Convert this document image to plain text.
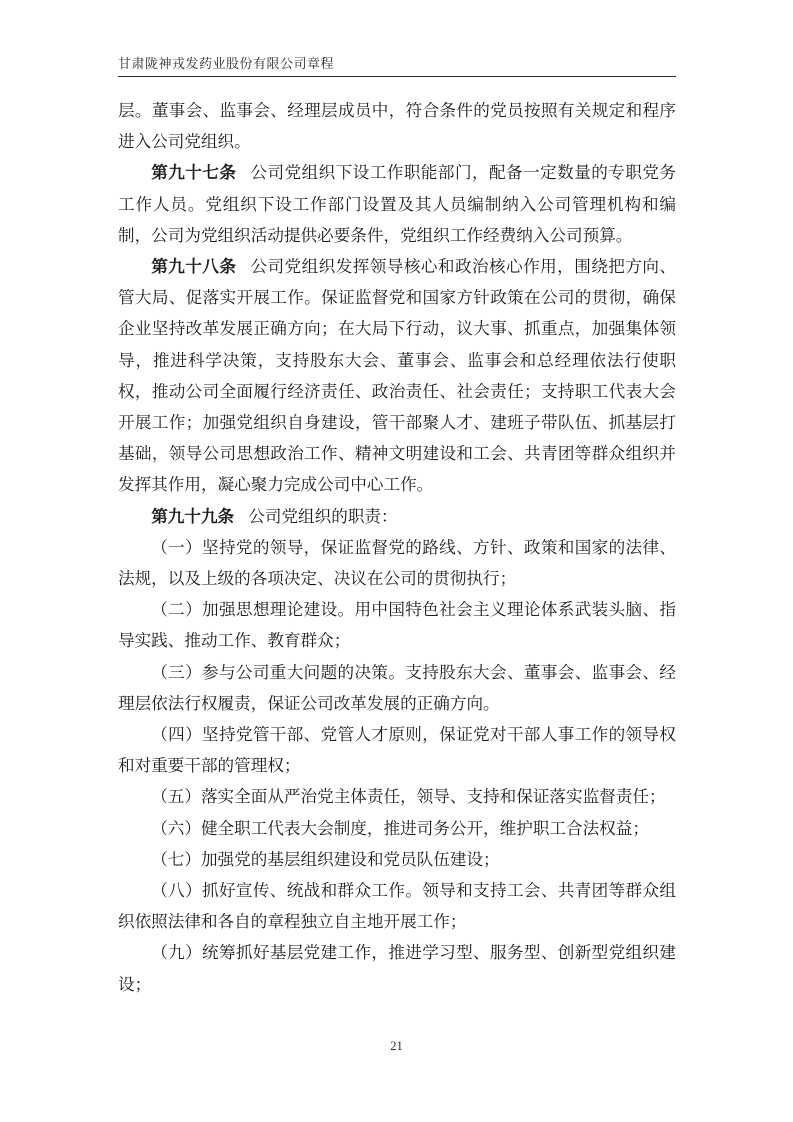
甘肃陇神戎发药业股份有限公司章程

层。董事会、监事会、经理层成员中，符合条件的党员按照有关规定和程序进入公司党组织。

第九十七条 公司党组织下设工作职能部门，配备一定数量的专职党务工作人员。党组织下设工作部门设置及其人员编制纳入公司管理机构和编制，公司为党组织活动提供必要条件，党组织工作经费纳入公司预算。

第九十八条 公司党组织发挥领导核心和政治核心作用，围绕把方向、管大局、促落实开展工作。保证监督党和国家方针政策在公司的贯彻，确保企业坚持改革发展正确方向；在大局下行动，议大事、抓重点，加强集体领导，推进科学决策，支持股东大会、董事会、监事会和总经理依法行使职权，推动公司全面履行经济责任、政治责任、社会责任；支持职工代表大会开展工作；加强党组织自身建设，管干部聚人才、建班子带队伍、抓基层打基础，领导公司思想政治工作、精神文明建设和工会、共青团等群众组织并发挥其作用，凝心聚力完成公司中心工作。

第九十九条 公司党组织的职责：

（一）坚持党的领导，保证监督党的路线、方针、政策和国家的法律、法规，以及上级的各项决定、决议在公司的贯彻执行；

（二）加强思想理论建设。用中国特色社会主义理论体系武装头脑、指导实践、推动工作、教育群众；

（三）参与公司重大问题的决策。支持股东大会、董事会、监事会、经理层依法行权履责，保证公司改革发展的正确方向。

（四）坚持党管干部、党管人才原则，保证党对干部人事工作的领导权和对重要干部的管理权；

（五）落实全面从严治党主体责任，领导、支持和保证落实监督责任；

（六）健全职工代表大会制度，推进司务公开，维护职工合法权益；

（七）加强党的基层组织建设和党员队伍建设；

（八）抓好宣传、统战和群众工作。领导和支持工会、共青团等群众组织依照法律和各自的章程独立自主地开展工作；

（九）统筹抓好基层党建工作，推进学习型、服务型、创新型党组织建设；

21
